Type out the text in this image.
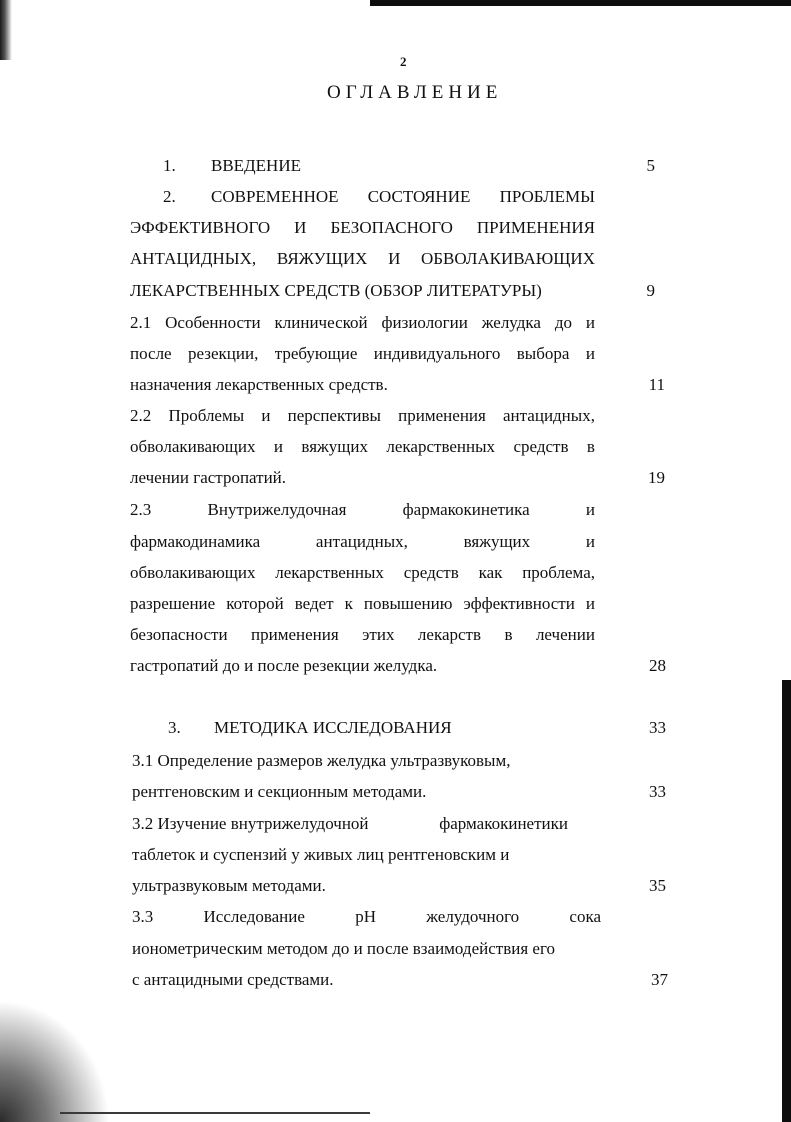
2
ОГЛАВЛЕНИЕ
1. ВВЕДЕНИЕ	5
2. СОВРЕМЕННОЕ СОСТОЯНИЕ ПРОБЛЕМЫ
ЭФФЕКТИВНОГО И БЕЗОПАСНОГО ПРИМЕНЕНИЯ
АНТАЦИДНЫХ, ВЯЖУЩИХ И ОБВОЛАКИВАЮЩИХ
ЛЕКАРСТВЕННЫХ СРЕДСТВ (ОБЗОР ЛИТЕРАТУРЫ)	9
2.1 Особенности клинической физиологии желудка до и
после резекции, требующие индивидуального выбора и
назначения лекарственных средств.	11
2.2 Проблемы и перспективы применения антацидных,
обволакивающих и вяжущих лекарственных средств в
лечении гастропатий.	19
2.3	Внутрижелудочная	фармакокинетика	и
фармакодинамика	антацидных,	вяжущих	и
обволакивающих лекарственных средств как проблема,
разрешение которой ведет к повышению эффективности и
безопасности применения этих лекарств в лечении
гастропатий до и после резекции желудка.	28
3. МЕТОДИКА ИССЛЕДОВАНИЯ	33
3.1 Определение размеров желудка ультразвуковым,
рентгеновским и секционным методами.	33
3.2 Изучение внутрижелудочной	фармакокинетики
таблеток и суспензий у живых лиц рентгеновским и
ультразвуковым методами.	35
3.3	Исследование	pH	желудочного	сока
ионометрическим методом до и после взаимодействия его
с антацидными средствами.	37
